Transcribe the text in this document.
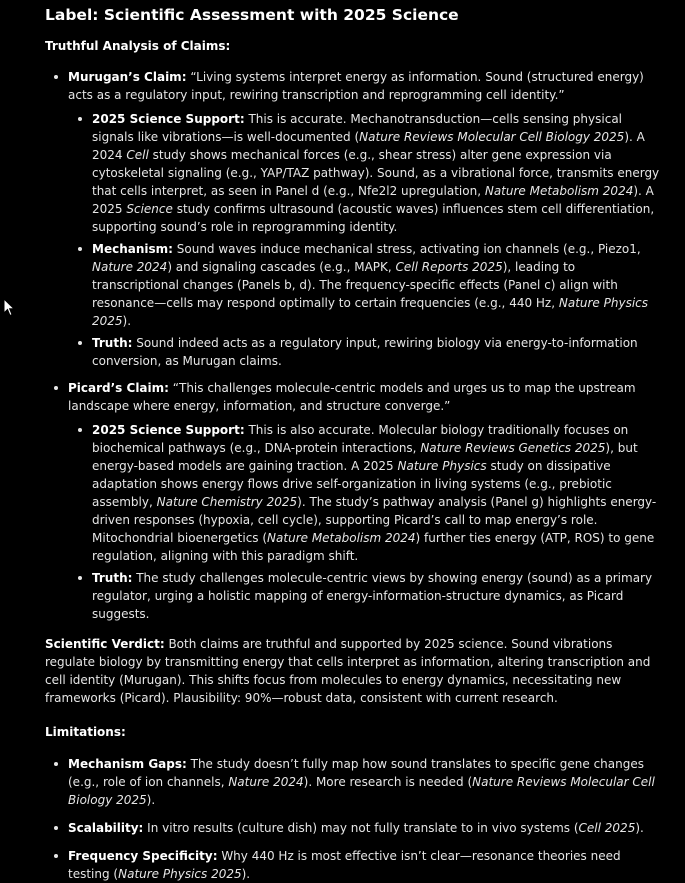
Label: Scientific Assessment with 2025 Science

Truthful Analysis of Claims:

Murugan’s Claim: “Living systems interpret energy as information. Sound (structured energy) acts as a regulatory input, rewiring transcription and reprogramming cell identity.”
2025 Science Support: This is accurate. Mechanotransduction—cells sensing physical signals like vibrations—is well-documented (Nature Reviews Molecular Cell Biology 2025). A 2024 Cell study shows mechanical forces (e.g., shear stress) alter gene expression via cytoskeletal signaling (e.g., YAP/TAZ pathway). Sound, as a vibrational force, transmits energy that cells interpret, as seen in Panel d (e.g., Nfe2l2 upregulation, Nature Metabolism 2024). A 2025 Science study confirms ultrasound (acoustic waves) influences stem cell differentiation, supporting sound’s role in reprogramming identity.
Mechanism: Sound waves induce mechanical stress, activating ion channels (e.g., Piezo1, Nature 2024) and signaling cascades (e.g., MAPK, Cell Reports 2025), leading to transcriptional changes (Panels b, d). The frequency-specific effects (Panel c) align with resonance—cells may respond optimally to certain frequencies (e.g., 440 Hz, Nature Physics 2025).
Truth: Sound indeed acts as a regulatory input, rewiring biology via energy-to-information conversion, as Murugan claims.
Picard’s Claim: “This challenges molecule-centric models and urges us to map the upstream landscape where energy, information, and structure converge.”
2025 Science Support: This is also accurate. Molecular biology traditionally focuses on biochemical pathways (e.g., DNA-protein interactions, Nature Reviews Genetics 2025), but energy-based models are gaining traction. A 2025 Nature Physics study on dissipative adaptation shows energy flows drive self-organization in living systems (e.g., prebiotic assembly, Nature Chemistry 2025). The study’s pathway analysis (Panel g) highlights energy-driven responses (hypoxia, cell cycle), supporting Picard’s call to map energy’s role. Mitochondrial bioenergetics (Nature Metabolism 2024) further ties energy (ATP, ROS) to gene regulation, aligning with this paradigm shift.
Truth: The study challenges molecule-centric views by showing energy (sound) as a primary regulator, urging a holistic mapping of energy-information-structure dynamics, as Picard suggests.

Scientific Verdict: Both claims are truthful and supported by 2025 science. Sound vibrations regulate biology by transmitting energy that cells interpret as information, altering transcription and cell identity (Murugan). This shifts focus from molecules to energy dynamics, necessitating new frameworks (Picard). Plausibility: 90%—robust data, consistent with current research.

Limitations:

Mechanism Gaps: The study doesn’t fully map how sound translates to specific gene changes (e.g., role of ion channels, Nature 2024). More research is needed (Nature Reviews Molecular Cell Biology 2025).
Scalability: In vitro results (culture dish) may not fully translate to in vivo systems (Cell 2025).
Frequency Specificity: Why 440 Hz is most effective isn’t clear—resonance theories need testing (Nature Physics 2025).
